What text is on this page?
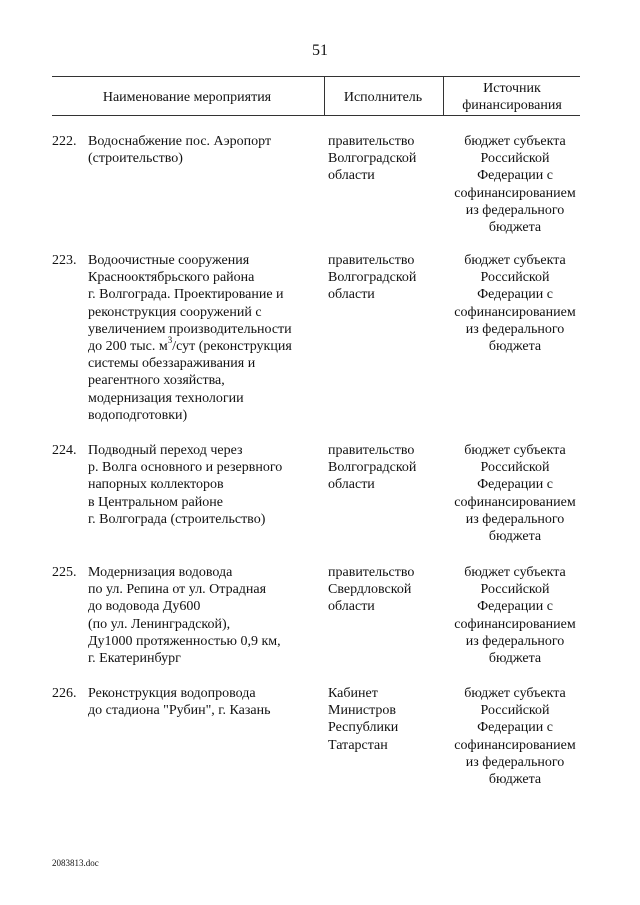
51
Наименование мероприятия	Исполнитель
Источник
финансирования
222. Водоснабжение пос. Аэропорт
(строительство)
правительство
Волгоградской
области
бюджет субъекта
Российской
Федерации с
софинансированием
из федерального
бюджета
223. Водоочистные сооружения
Краснооктябрьского района
г. Волгограда. Проектирование и
реконструкция сооружений с
увеличением производительности
до 200 тыс. $м^3$/сут (реконструкция
системы обеззараживания и
реагентного хозяйства,
модернизация технологии
водоподготовки)
правительство
Волгоградской
области
бюджет субъекта
Российской
Федерации с
софинансированием
из федерального
бюджета
224. Подводный переход через
р. Волга основного и резервного
напорных коллекторов
в Центральном районе
г. Волгограда (строительство)
правительство
Волгоградской
области
бюджет субъекта
Российской
Федерации с
софинансированием
из федерального
бюджета
225. Модернизация водовода
по ул. Репина от ул. Отрадная
до водовода Ду600
(по ул. Ленинградской),
Ду1000 протяженностью 0,9 км,
г. Екатеринбург
правительство
Свердловской
области
бюджет субъекта
Российской
Федерации с
софинансированием
из федерального
бюджета
226. Реконструкция водопровода
до стадиона "Рубин", г. Казань
Кабинет
Министров
Республики
Татарстан
бюджет субъекта
Российской
Федерации с
софинансированием
из федерального
бюджета
2083813.doc
